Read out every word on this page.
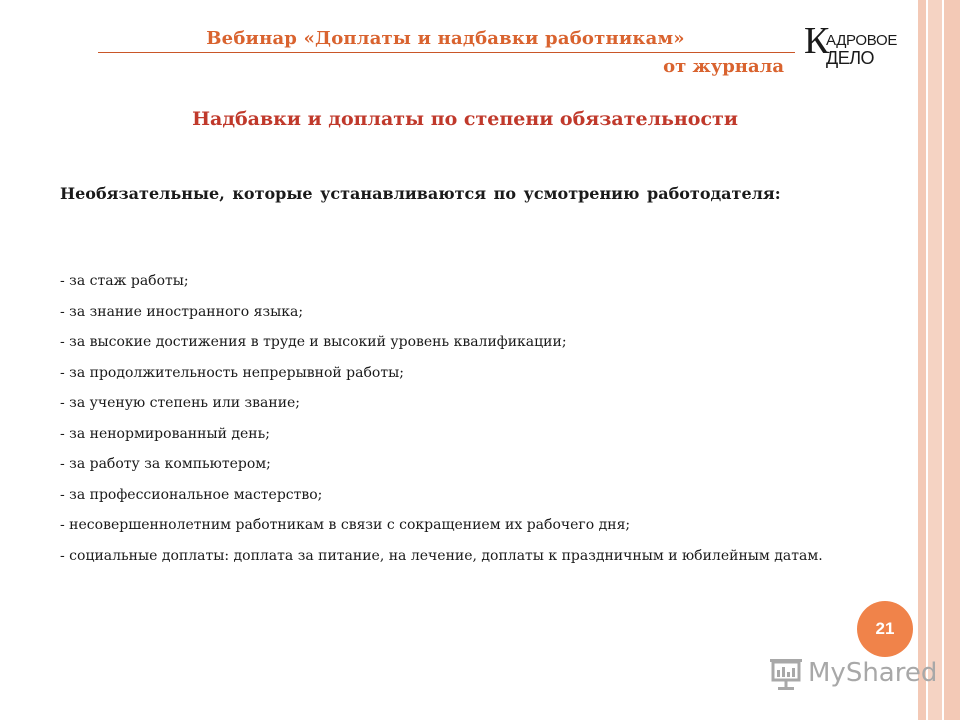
Вебинар «Доплаты и надбавки работникам»
от журнала
К
АДРОВОЕ
ДЕЛО
Надбавки и доплаты по степени обязательности
Необязательные, которые устанавливаются по усмотрению работодателя:
- за стаж работы;
- за знание иностранного языка;
- за высокие достижения в труде и высокий уровень квалификации;
- за продолжительность непрерывной работы;
- за ученую степень или звание;
- за ненормированный день;
- за работу за компьютером;
- за профессиональное мастерство;
- несовершеннолетним работникам в связи с сокращением их рабочего дня;
- социальные доплаты: доплата за питание, на лечение, доплаты к праздничным и юбилейным датам.
21
MyShared
